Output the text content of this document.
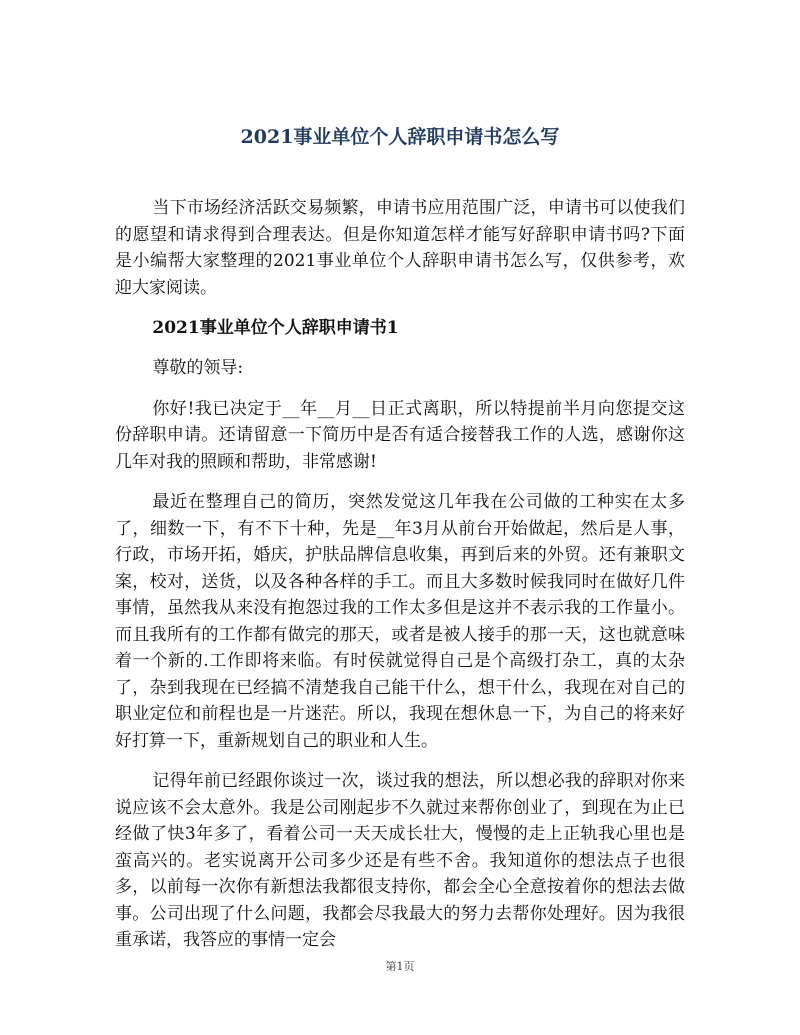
2021事业单位个人辞职申请书怎么写

当下市场经济活跃交易频繁，申请书应用范围广泛，申请书可以使我们的愿望和请求得到合理表达。但是你知道怎样才能写好辞职申请书吗?下面是小编帮大家整理的2021事业单位个人辞职申请书怎么写，仅供参考，欢迎大家阅读。

2021事业单位个人辞职申请书1

尊敬的领导:

你好!我已决定于__年__月__日正式离职，所以特提前半月向您提交这份辞职申请。还请留意一下简历中是否有适合接替我工作的人选，感谢你这几年对我的照顾和帮助，非常感谢!

最近在整理自己的简历，突然发觉这几年我在公司做的工种实在太多了，细数一下，有不下十种，先是__年3月从前台开始做起，然后是人事，行政，市场开拓，婚庆，护肤品牌信息收集，再到后来的外贸。还有兼职文案，校对，送货，以及各种各样的手工。而且大多数时候我同时在做好几件事情，虽然我从来没有抱怨过我的工作太多但是这并不表示我的工作量小。而且我所有的工作都有做完的那天，或者是被人接手的那一天，这也就意味着一个新的.工作即将来临。有时侯就觉得自己是个高级打杂工，真的太杂了，杂到我现在已经搞不清楚我自己能干什么，想干什么，我现在对自己的职业定位和前程也是一片迷茫。所以，我现在想休息一下，为自己的将来好好打算一下，重新规划自己的职业和人生。

记得年前已经跟你谈过一次，谈过我的想法，所以想必我的辞职对你来说应该不会太意外。我是公司刚起步不久就过来帮你创业了，到现在为止已经做了快3年多了，看着公司一天天成长壮大，慢慢的走上正轨我心里也是蛮高兴的。老实说离开公司多少还是有些不舍。我知道你的想法点子也很多，以前每一次你有新想法我都很支持你，都会全心全意按着你的想法去做事。公司出现了什么问题，我都会尽我最大的努力去帮你处理好。因为我很重承诺，我答应的事情一定会

第1页
